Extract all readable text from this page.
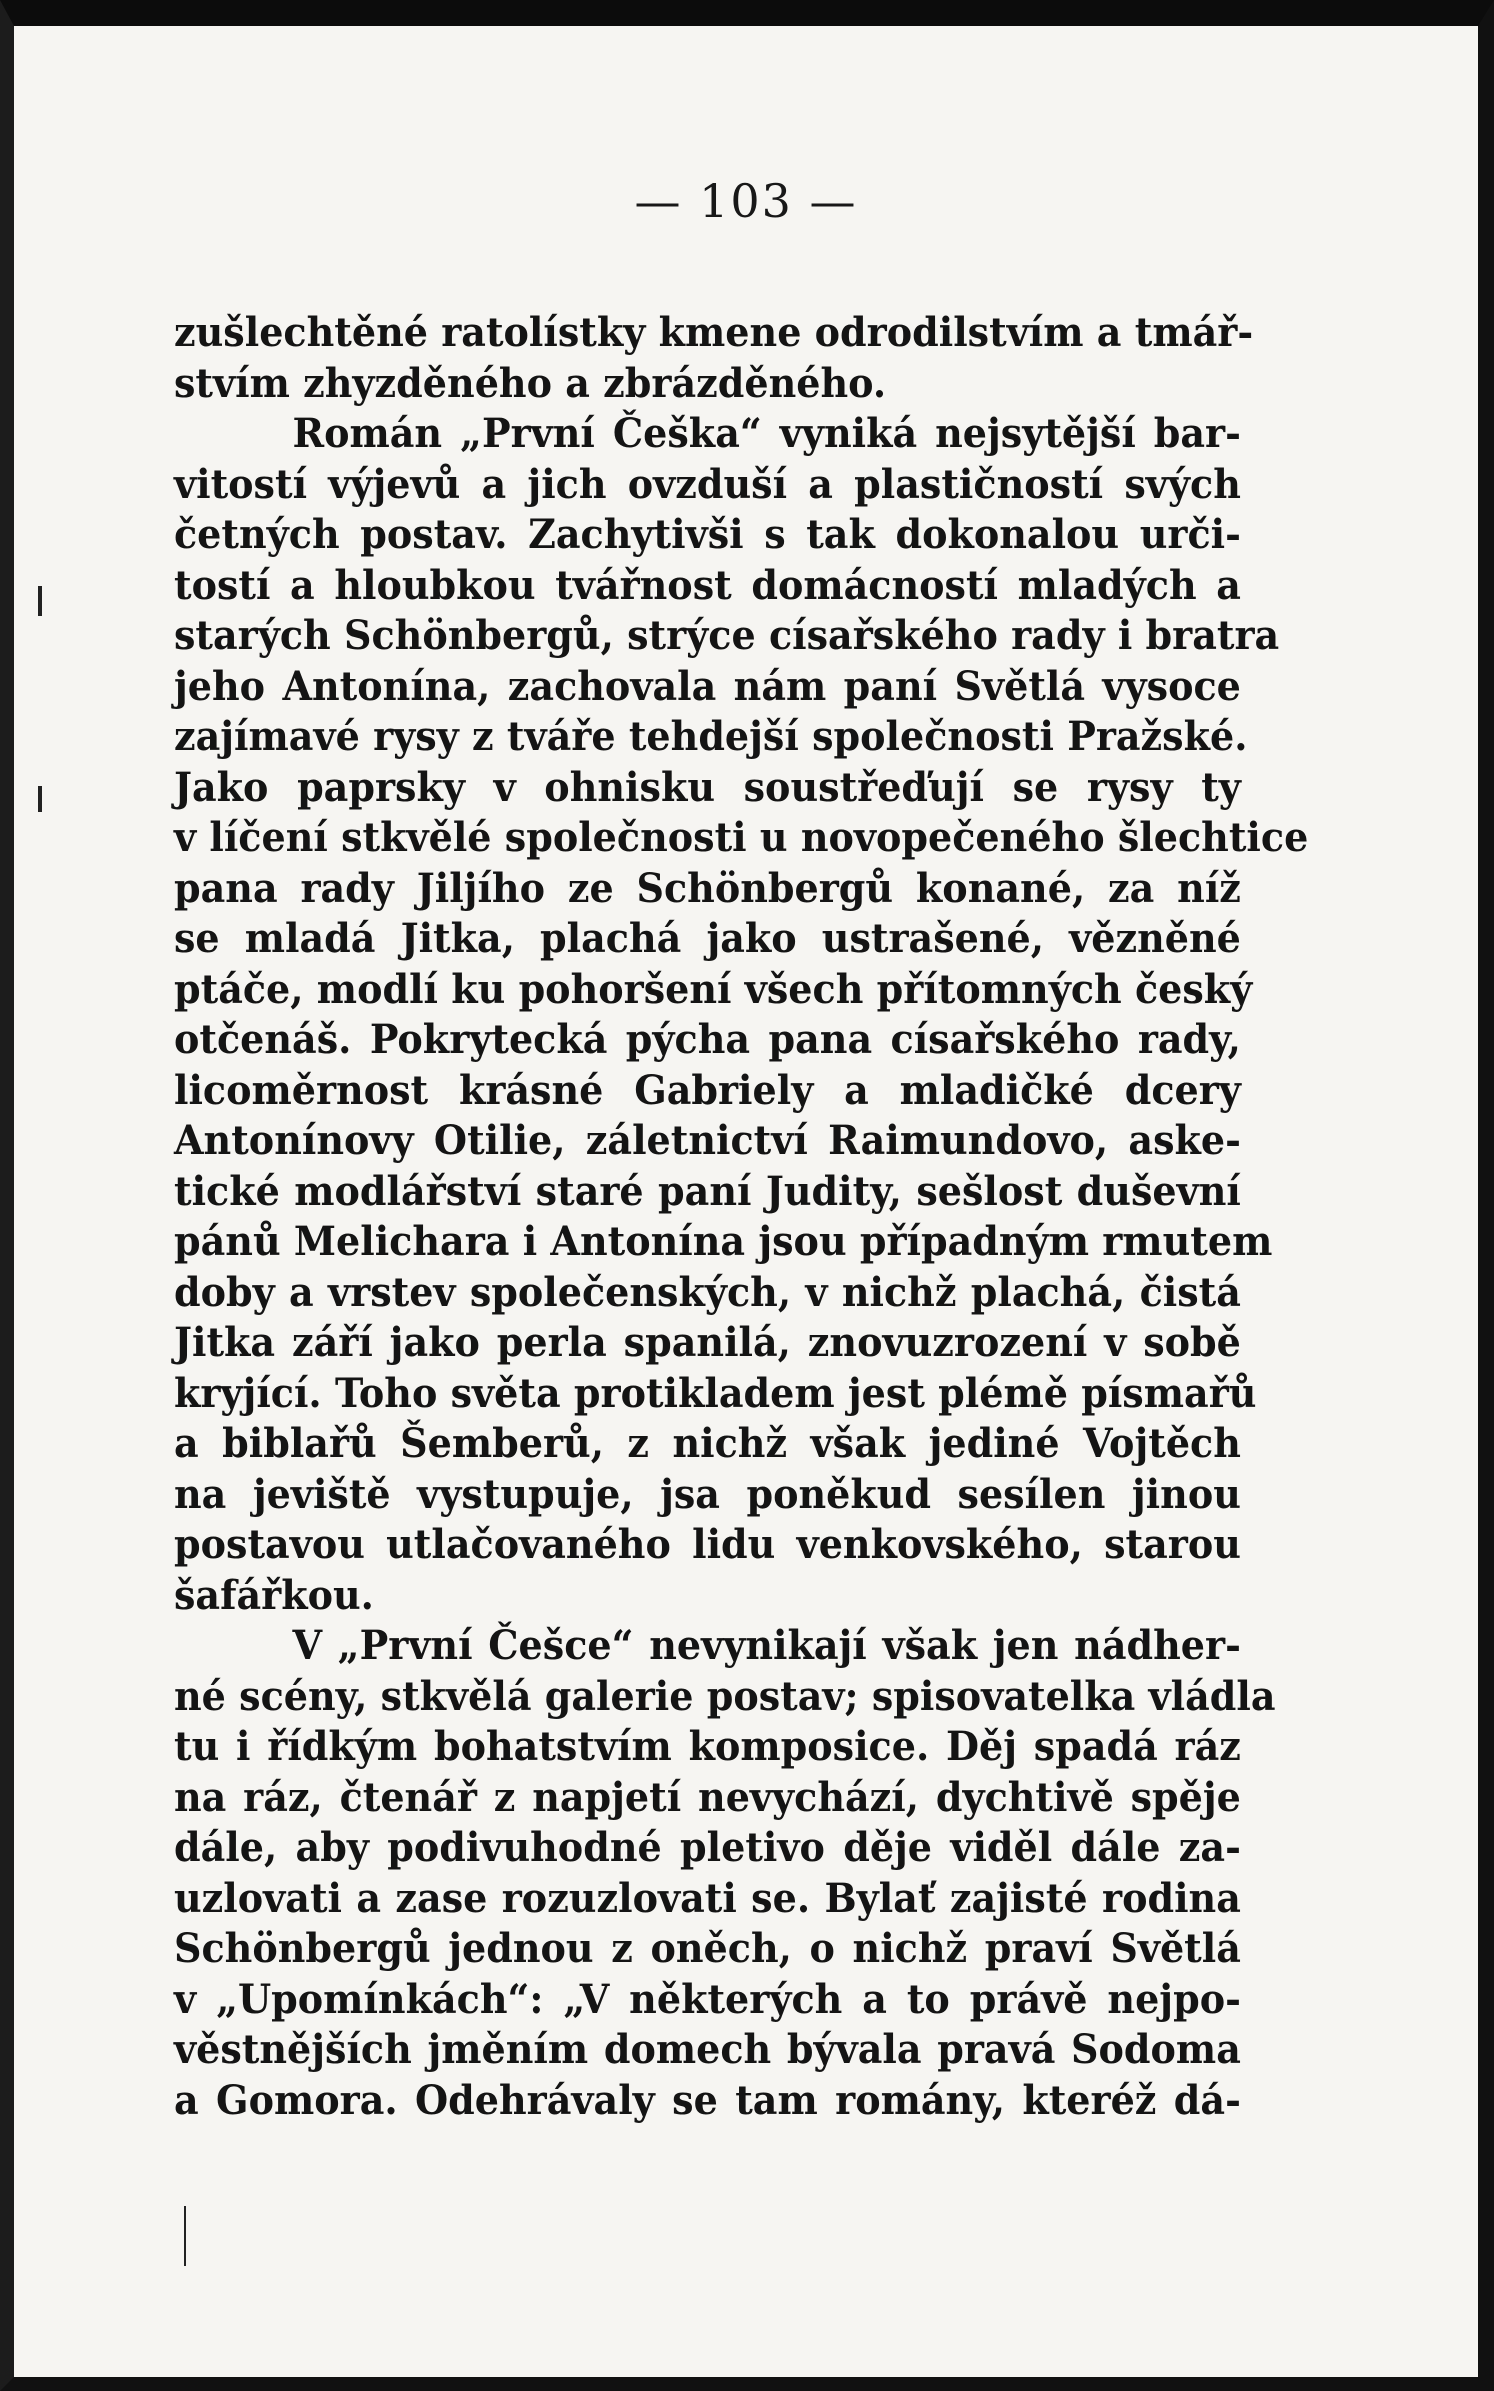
— 103 —
zušlechtěné ratolístky kmene odrodilstvím a tmář-
stvím zhyzděného a zbrázděného.
Román „První Češka“ vyniká nejsytější bar-
vitostí výjevů a jich ovzduší a plastičností svých
četných postav. Zachytivši s tak dokonalou urči-
tostí a hloubkou tvářnost domácností mladých a
starých Schönbergů, strýce císařského rady i bratra
jeho Antonína, zachovala nám paní Světlá vysoce
zajímavé rysy z tváře tehdejší společnosti Pražské.
Jako paprsky v ohnisku soustřeďují se rysy ty
v líčení stkvělé společnosti u novopečeného šlechtice
pana rady Jiljího ze Schönbergů konané, za níž
se mladá Jitka, plachá jako ustrašené, vězněné
ptáče, modlí ku pohoršení všech přítomných český
otčenáš. Pokrytecká pýcha pana císařského rady,
licoměrnost krásné Gabriely a mladičké dcery
Antonínovy Otilie, záletnictví Raimundovo, aske-
tické modlářství staré paní Judity, sešlost duševní
pánů Melichara i Antonína jsou případným rmutem
doby a vrstev společenských, v nichž plachá, čistá
Jitka září jako perla spanilá, znovuzrození v sobě
kryjící. Toho světa protikladem jest plémě písmařů
a biblařů Šemberů, z nichž však jediné Vojtěch
na jeviště vystupuje, jsa poněkud sesílen jinou
postavou utlačovaného lidu venkovského, starou
šafářkou.
V „První Češce“ nevynikají však jen nádher-
né scény, stkvělá galerie postav; spisovatelka vládla
tu i řídkým bohatstvím komposice. Děj spadá ráz
na ráz, čtenář z napjetí nevychází, dychtivě spěje
dále, aby podivuhodné pletivo děje viděl dále za-
uzlovati a zase rozuzlovati se. Bylať zajisté rodina
Schönbergů jednou z oněch, o nichž praví Světlá
v „Upomínkách“: „V některých a to právě nejpo-
věstnějších jměním domech bývala pravá Sodoma
a Gomora. Odehrávaly se tam romány, kteréž dá-
